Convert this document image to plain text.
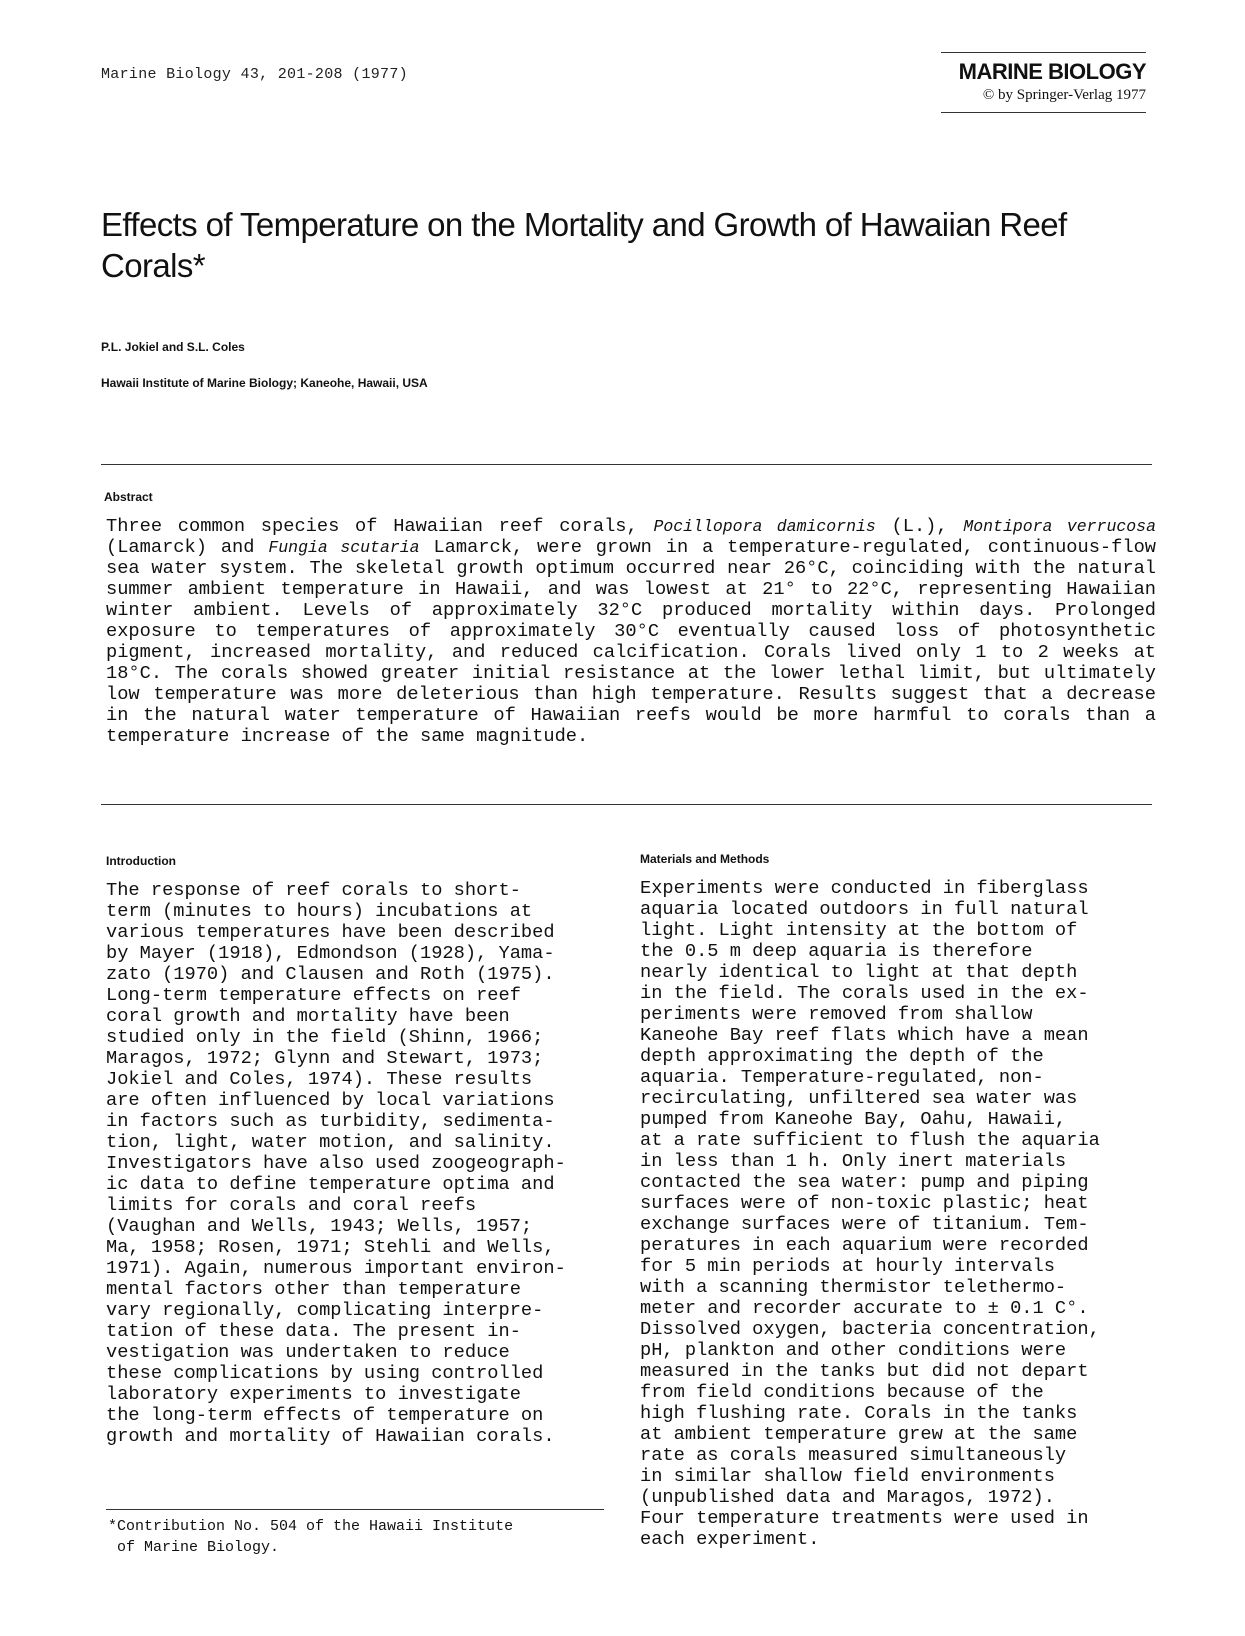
Marine Biology 43, 201-208 (1977)	MARINE BIOLOGY
© by Springer-Verlag 1977
Effects of Temperature on the Mortality and Growth of Hawaiian Reef Corals*
P.L. Jokiel and S.L. Coles
Hawaii Institute of Marine Biology; Kaneohe, Hawaii, USA
Abstract

Three common species of Hawaiian reef corals, Pocillopora damicornis (L.), Montipora verrucosa (Lamarck) and Fungia scutaria Lamarck, were grown in a temperature-regulated, continuous-flow sea water system. The skeletal growth optimum occurred near 26°C, coinciding with the natural summer ambient temperature in Hawaii, and was lowest at 21° to 22°C, representing Hawaiian winter ambient. Levels of approximately 32°C produced mortality within days. Prolonged exposure to temperatures of approximately 30°C eventually caused loss of photosynthetic pigment, increased mortality, and reduced calcification. Corals lived only 1 to 2 weeks at 18°C. The corals showed greater initial resistance at the lower lethal limit, but ultimately low temperature was more deleterious than high temperature. Results suggest that a decrease in the natural water temperature of Hawaiian reefs would be more harmful to corals than a temperature increase of the same magnitude.

Introduction

The response of reef corals to short-
term (minutes to hours) incubations at
various temperatures have been described
by Mayer (1918), Edmondson (1928), Yama-
zato (1970) and Clausen and Roth (1975).
Long-term temperature effects on reef
coral growth and mortality have been
studied only in the field (Shinn, 1966;
Maragos, 1972; Glynn and Stewart, 1973;
Jokiel and Coles, 1974). These results
are often influenced by local variations
in factors such as turbidity, sedimenta-
tion, light, water motion, and salinity.
Investigators have also used zoogeograph-
ic data to define temperature optima and
limits for corals and coral reefs
(Vaughan and Wells, 1943; Wells, 1957;
Ma, 1958; Rosen, 1971; Stehli and Wells,
1971). Again, numerous important environ-
mental factors other than temperature
vary regionally, complicating interpre-
tation of these data. The present in-
vestigation was undertaken to reduce
these complications by using controlled
laboratory experiments to investigate
the long-term effects of temperature on
growth and mortality of Hawaiian corals.

Materials and Methods

Experiments were conducted in fiberglass
aquaria located outdoors in full natural
light. Light intensity at the bottom of
the 0.5 m deep aquaria is therefore
nearly identical to light at that depth
in the field. The corals used in the ex-
periments were removed from shallow
Kaneohe Bay reef flats which have a mean
depth approximating the depth of the
aquaria. Temperature-regulated, non-
recirculating, unfiltered sea water was
pumped from Kaneohe Bay, Oahu, Hawaii,
at a rate sufficient to flush the aquaria
in less than 1 h. Only inert materials
contacted the sea water: pump and piping
surfaces were of non-toxic plastic; heat
exchange surfaces were of titanium. Tem-
peratures in each aquarium were recorded
for 5 min periods at hourly intervals
with a scanning thermistor telethermo-
meter and recorder accurate to ± 0.1 C°.
Dissolved oxygen, bacteria concentration,
pH, plankton and other conditions were
measured in the tanks but did not depart
from field conditions because of the
high flushing rate. Corals in the tanks
at ambient temperature grew at the same
rate as corals measured simultaneously
in similar shallow field environments
(unpublished data and Maragos, 1972).
Four temperature treatments were used in
each experiment.

*Contribution No. 504 of the Hawaii Institute
of Marine Biology.
